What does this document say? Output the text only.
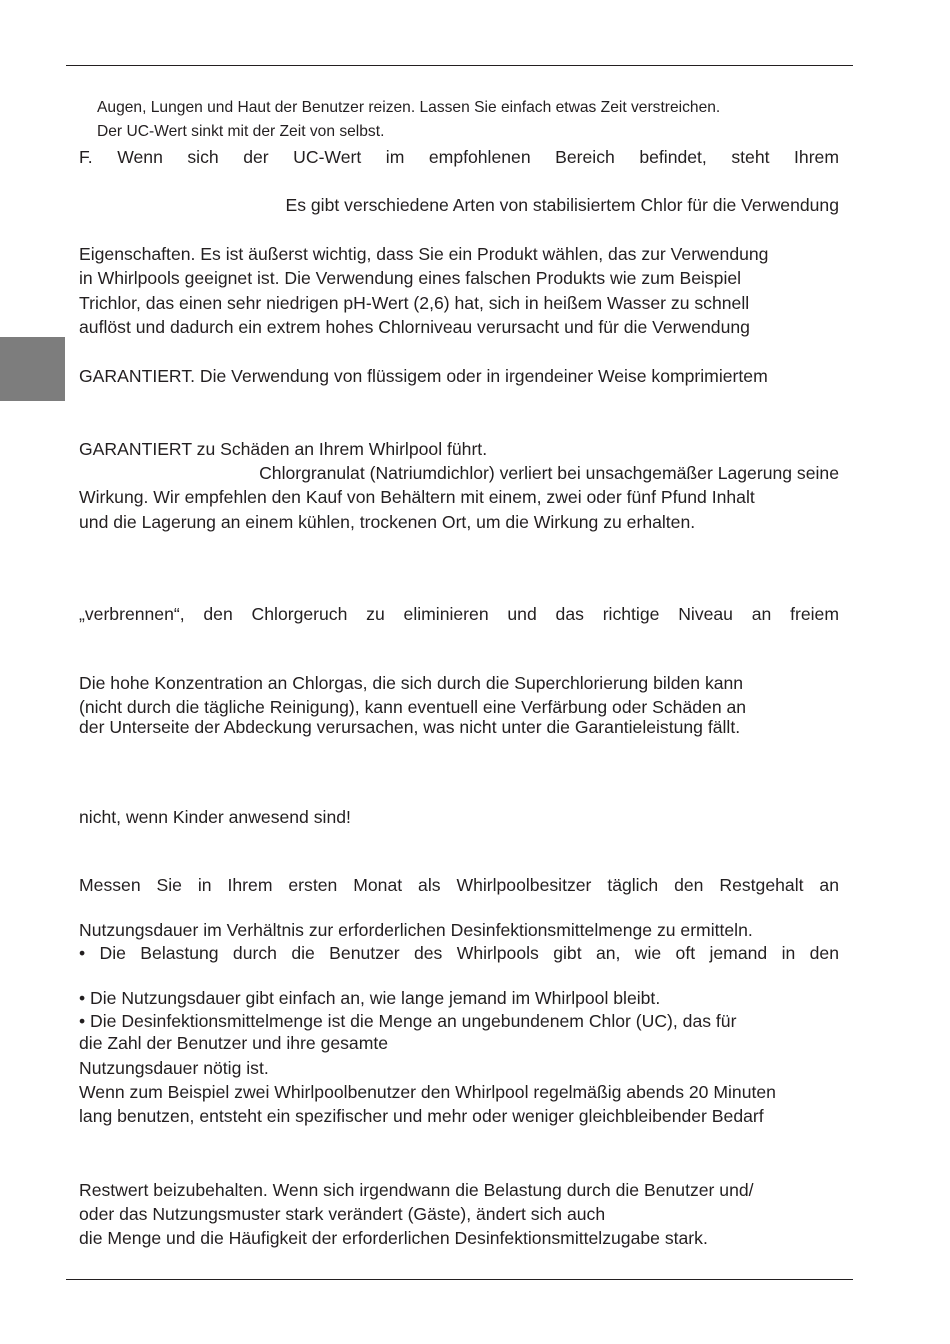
Augen, Lungen und Haut der Benutzer reizen. Lassen Sie einfach etwas Zeit verstreichen.
Der UC-Wert sinkt mit der Zeit von selbst.
F. Wenn sich der UC-Wert im empfohlenen Bereich befindet, steht Ihrem
Es gibt verschiedene Arten von stabilisiertem Chlor für die Verwendung
Eigenschaften. Es ist äußerst wichtig, dass Sie ein Produkt wählen, das zur Verwendung
in Whirlpools geeignet ist. Die Verwendung eines falschen Produkts wie zum Beispiel
Trichlor, das einen sehr niedrigen pH-Wert (2,6) hat, sich in heißem Wasser zu schnell
auflöst und dadurch ein extrem hohes Chlorniveau verursacht und für die Verwendung
GARANTIERT. Die Verwendung von flüssigem oder in irgendeiner Weise komprimiertem
GARANTIERT zu Schäden an Ihrem Whirlpool führt.
Chlorgranulat (Natriumdichlor) verliert bei unsachgemäßer Lagerung seine
Wirkung. Wir empfehlen den Kauf von Behältern mit einem, zwei oder fünf Pfund Inhalt
und die Lagerung an einem kühlen, trockenen Ort, um die Wirkung zu erhalten.
„verbrennen“, den Chlorgeruch zu eliminieren und das richtige Niveau an freiem
Die hohe Konzentration an Chlorgas, die sich durch die Superchlorierung bilden kann
(nicht durch die tägliche Reinigung), kann eventuell eine Verfärbung oder Schäden an
der Unterseite der Abdeckung verursachen, was nicht unter die Garantieleistung fällt.
nicht, wenn Kinder anwesend sind!
Messen Sie in Ihrem ersten Monat als Whirlpoolbesitzer täglich den Restgehalt an
Nutzungsdauer im Verhältnis zur erforderlichen Desinfektionsmittelmenge zu ermitteln.
• Die Belastung durch die Benutzer des Whirlpools gibt an, wie oft jemand in den
• Die Nutzungsdauer gibt einfach an, wie lange jemand im Whirlpool bleibt.
• Die Desinfektionsmittelmenge ist die Menge an ungebundenem Chlor (UC), das für
die Zahl der Benutzer und ihre gesamte
Nutzungsdauer nötig ist.
Wenn zum Beispiel zwei Whirlpoolbenutzer den Whirlpool regelmäßig abends 20 Minuten
lang benutzen, entsteht ein spezifischer und mehr oder weniger gleichbleibender Bedarf
Restwert beizubehalten. Wenn sich irgendwann die Belastung durch die Benutzer und/
oder das Nutzungsmuster stark verändert (Gäste), ändert sich auch
die Menge und die Häufigkeit der erforderlichen Desinfektionsmittelzugabe stark.
